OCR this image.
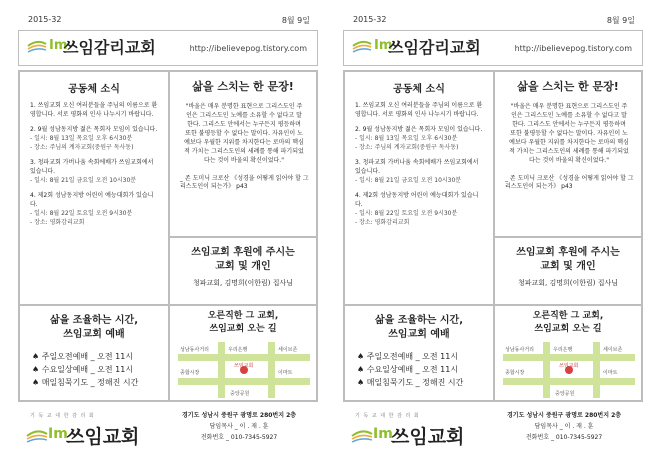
2015-32	8월 9일
Im
쓰임감리교회	http://ibelievepog.tistory.com
공동체 소식
1. 쓰임교회 오신 여러분들을 주님의 이름으로 환영합니다. 서로 평화의 인사 나누시기 바랍니다.
2. 9월 성남동지방 젊은 목회자 모임이 있습니다.
- 일시: 8월 13일 목요일 오후 6시30분
- 장소: 주님의 계자교회(중원구 독사동)
3. 청파교회 가버나움 속회에배가 쓰임교회에서 있습니다.
- 일시: 8월 21일 금요일 오전 10시30분
4. 제2회 성남동지방 어린이 예능대회가 있습니다.
- 일시: 8월 22일 토요일 오전 9시30분
- 장소: 영화감리교회
삶을 스치는 한 문장!
"바울은 매우 분명한 표현으로 그리스도인 주인은 그리스도인 노예를 소유할 수 없다고 말한다. 그리스도 안에서는 누구든지 평등하며 또한 불평등할 수 없다는 말이다. 자유인이 노예보다 우월한 지위를 차지한다는 로마의 핵심적 가치는 그리스도인의 세례를 통해 파기되었다는 것이 바울의 확신이었다."
_ 존 도미닉 크로산 《성경을 어떻게 읽어야 할 그리스도인이 되는가》 p43
쓰임교회 후원에 주시는
교회 및 개인
청파교회, 김명희(이한림) 집사님
삶을 조율하는 시간,
쓰임교회 예배
♠ 주일오전예배 _ 오전 11시
♠ 수요일상예배 _ 오전 11시
♠ 매일침묵기도 _ 정해진 시간
오른직한 그 교회,
쓰임교회 오는 길
성남동사거리	우리은행	세이브존
종합시장
쓰임교회
이마트
중앙공원
기 독 교 대 한 감 리 회
Im
쓰임교회
경기도 성남시 중원구 광명로 280번지 2층
담임목사 _ 이 . 재 . 훈
전화번호 _ 010-7345-5927
2015-32	8월 9일
Im
쓰임감리교회	http://ibelievepog.tistory.com
공동체 소식
1. 쓰임교회 오신 여러분들을 주님의 이름으로 환영합니다. 서로 평화의 인사 나누시기 바랍니다.
2. 9월 성남동지방 젊은 목회자 모임이 있습니다.
- 일시: 8월 13일 목요일 오후 6시30분
- 장소: 주님의 계자교회(중원구 독사동)
3. 청파교회 가버나움 속회에배가 쓰임교회에서 있습니다.
- 일시: 8월 21일 금요일 오전 10시30분
4. 제2회 성남동지방 어린이 예능대회가 있습니다.
- 일시: 8월 22일 토요일 오전 9시30분
- 장소: 영화감리교회
삶을 스치는 한 문장!
"바울은 매우 분명한 표현으로 그리스도인 주인은 그리스도인 노예를 소유할 수 없다고 말한다. 그리스도 안에서는 누구든지 평등하며 또한 불평등할 수 없다는 말이다. 자유인이 노예보다 우월한 지위를 차지한다는 로마의 핵심적 가치는 그리스도인의 세례를 통해 파기되었다는 것이 바울의 확신이었다."
_ 존 도미닉 크로산 《성경을 어떻게 읽어야 할 그리스도인이 되는가》 p43
쓰임교회 후원에 주시는
교회 및 개인
청파교회, 김명희(이한림) 집사님
삶을 조율하는 시간,
쓰임교회 예배
♠ 주일오전예배 _ 오전 11시
♠ 수요일상예배 _ 오전 11시
♠ 매일침묵기도 _ 정해진 시간
오른직한 그 교회,
쓰임교회 오는 길
성남동사거리	우리은행	세이브존
종합시장
쓰임교회
이마트
중앙공원
기 독 교 대 한 감 리 회
Im
쓰임교회
경기도 성남시 중원구 광명로 280번지 2층
담임목사 _ 이 . 재 . 훈
전화번호 _ 010-7345-5927
